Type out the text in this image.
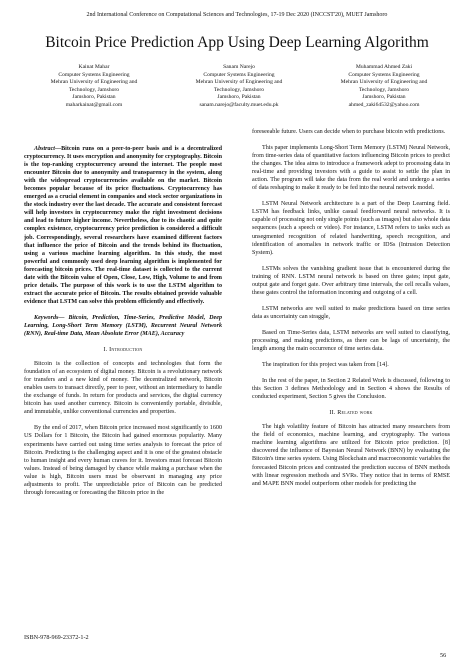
2nd International Conference on Computational Sciences and Technologies, 17-19 Dec 2020 (INCCST'20), MUET Jamshoro
Bitcoin Price Prediction App Using Deep Learning Algorithm
Kainat Mahar
Computer Systems Engineering
Mehran University of Engineering and
Technology, Jamshoro
Jamshoro, Pakistan
maharkainat@gmail.com
Sanam Narejo
Computer Systems Engineering
Mehran University of Engineering and
Technology, Jamshoro
Jamshoro, Pakistan
sanam.narejo@faculty.muet.edu.pk
Muhammad Ahmed Zaki
Computer Systems Engineering
Mehran University of Engineering and
Technology, Jamshoro
Jamshoro, Pakistan
ahmed_zaki64532@yahoo.com

Abstract—Bitcoin runs on a peer-to-peer basis and is a decentralized cryptocurrency. It uses encryption and anonymity for cryptography. Bitcoin is the top-ranking cryptocurrency around the internet. The people most encounter Bitcoin due to anonymity and transparency in the system, along with the widespread cryptocurrencies available on the market. Bitcoin becomes popular because of its price fluctuations. Cryptocurrency has emerged as a crucial element in companies and stock sector organizations in the stock industry over the last decade. The accurate and consistent forecast will help investors in cryptocurrency make the right investment decisions and lead to future higher income. Nevertheless, due to its chaotic and quite complex existence, cryptocurrency price prediction is considered a difficult job. Correspondingly, several researchers have examined different factors that influence the price of Bitcoin and the trends behind its fluctuation, using a various machine learning algorithm. In this study, the most powerful and commonly used deep learning algorithm is implemented for forecasting bitcoin prices. The real-time dataset is collected to the current date with the Bitcoin value of Open, Close, Low, High, Volume to and from price details. The purpose of this work is to use the LSTM algorithm to extract the accurate price of Bitcoin. The results obtained provide valuable evidence that LSTM can solve this problem efficiently and effectively.

Keywords— Bitcoin, Prediction, Time-Series, Predictive Model, Deep Learning, Long-Short Term Memory (LSTM), Recurrent Neural Network (RNN), Real-time Data, Mean Absolute Error (MAE), Accuracy

I. Introduction

Bitcoin is the collection of concepts and technologies that form the foundation of an ecosystem of digital money. Bitcoin is a revolutionary network for transfers and a new kind of money. The decentralized network, Bitcoin enables users to transact directly, peer to peer, without an intermediary to handle the exchange of funds. In return for products and services, the digital currency bitcoin has used another currency. Bitcoin is conveniently portable, divisible, and immutable, unlike conventional currencies and properties.

By the end of 2017, when Bitcoin price increased most significantly to 1600 US Dollars for 1 Bitcoin, the Bitcoin had gained enormous popularity. Many experiments have carried out using time series analysis to forecast the price of Bitcoin. Predicting is the challenging aspect and it is one of the greatest obstacle to human insight and every human craves for it. Investors must forecast Bitcoin values. Instead of being damaged by chance while making a purchase when the value is high, Bitcoin users must be observant in managing any price adjustments to profit. The unpredictable price of Bitcoin can be predicted through forecasting or forecasting the Bitcoin price in the

foreseeable future. Users can decide when to purchase bitcoin with predictions.

This paper implements Long-Short Term Memory (LSTM) Neural Network, from time-series data of quantitative factors influencing Bitcoin prices to predict the changes. The idea aims to introduce a framework adept to processing data in real-time and providing investors with a guide to assist to settle the plan in action. The program will take the data from the real world and undergo a series of data reshaping to make it ready to be fed into the neural network model.

LSTM Neural Network architecture is a part of the Deep Learning field. LSTM has feedback links, unlike casual feedforward neural networks. It is capable of processing not only single points (such as images) but also whole data sequences (such a speech or video). For instance, LSTM refers to tasks such as unsegmented recognition of related handwriting, speech recognition, and identification of anomalies in network traffic or IDSs (Intrusion Detection System).

LSTMs solves the vanishing gradient issue that is encountered during the training of RNN. LSTM neural network is based on three gates; input gate, output gate and forget gate. Over arbitrary time intervals, the cell recalls values, these gates control the information incoming and outgoing of a cell.

LSTM networks are well suited to make predictions based on time series data as uncertainty can straggle,

Based on Time-Series data, LSTM networks are well suited to classifying, processing, and making predictions, as there can be lags of uncertainty, the length among the main occurrence of time series data.

The inspiration for this project was taken from [14].

In the rest of the paper, in Section 2 Related Work is discussed, following to this Section 3 defines Methodology and in Section 4 shows the Results of conducted experiment, Section 5 gives the Conclusion.

II. Related work

The high volatility feature of Bitcoin has attracted many researchers from the field of economics, machine learning, and cryptography. The various machine learning algorithms are utilized for Bitcoin price prediction. [8] discovered the influence of Bayesian Neural Network (BNN) by evaluating the Bitcoin's time series system. Using Blockchain and macroeconomic variables the forecasted Bitcoin prices and contrasted the prediction success of BNN methods with linear regression methods and SVRs. They notice that in terms of RMSE and MAPE BNN model outperform other models for predicting the

ISBN-978-969-23372-1-2
56
